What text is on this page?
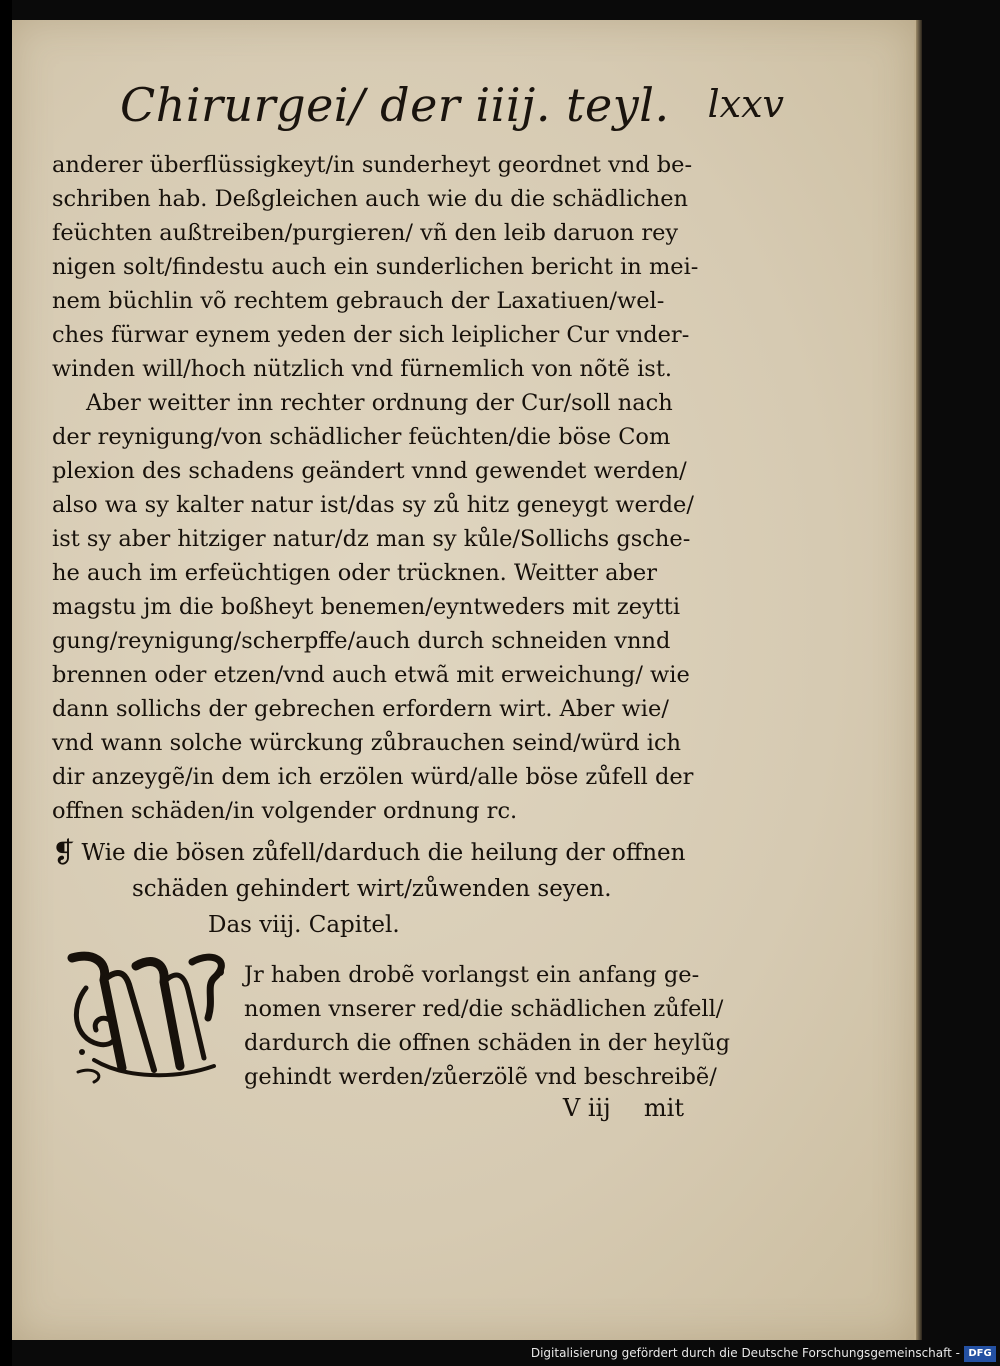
Chirurgei/ der iiij. teyl. lxxv
anderer überflüssigkeyt/in sunderheyt geordnet vnd be-
schriben hab. Deßgleichen auch wie du die schädlichen
feüchten außtreiben/purgieren/ vñ den leib daruon rey
nigen solt/findestu auch ein sunderlichen bericht in mei-
nem büchlin võ rechtem gebrauch der Laxatiuen/wel-
ches fürwar eynem yeden der sich leiplicher Cur vnder-
winden will/hoch nützlich vnd fürnemlich von nõtẽ ist.
Aber weitter inn rechter ordnung der Cur/soll nach
der reynigung/von schädlicher feüchten/die böse Com
plexion des schadens geändert vnnd gewendet werden/
also wa sy kalter natur ist/das sy zů hitz geneygt werde/
ist sy aber hitziger natur/dz man sy kůle/Sollichs gsche-
he auch im erfeüchtigen oder trücknen. Weitter aber
magstu jm die boßheyt benemen/eyntweders mit zeytti
gung/reynigung/scherpffe/auch durch schneiden vnnd
brennen oder etzen/vnd auch etwã mit erweichung/ wie
dann sollichs der gebrechen erfordern wirt. Aber wie/
vnd wann solche würckung zůbrauchen seind/würd ich
dir anzeygẽ/in dem ich erzölen würd/alle böse zůfell der
offnen schäden/in volgender ordnung rc.
❡ Wie die bösen zůfell/darduch die heilung der offnen
schäden gehindert wirt/zůwenden seyen.
Das viij. Capitel.
Jr haben drobẽ vorlangst ein anfang ge-
nomen vnserer red/die schädlichen zůfell/
dardurch die offnen schäden in der heylũg
gehindt werden/zůerzölẽ vnd beschreibẽ/
V iij mit
Digitalisierung gefördert durch die Deutsche Forschungsgemeinschaft - DFG
